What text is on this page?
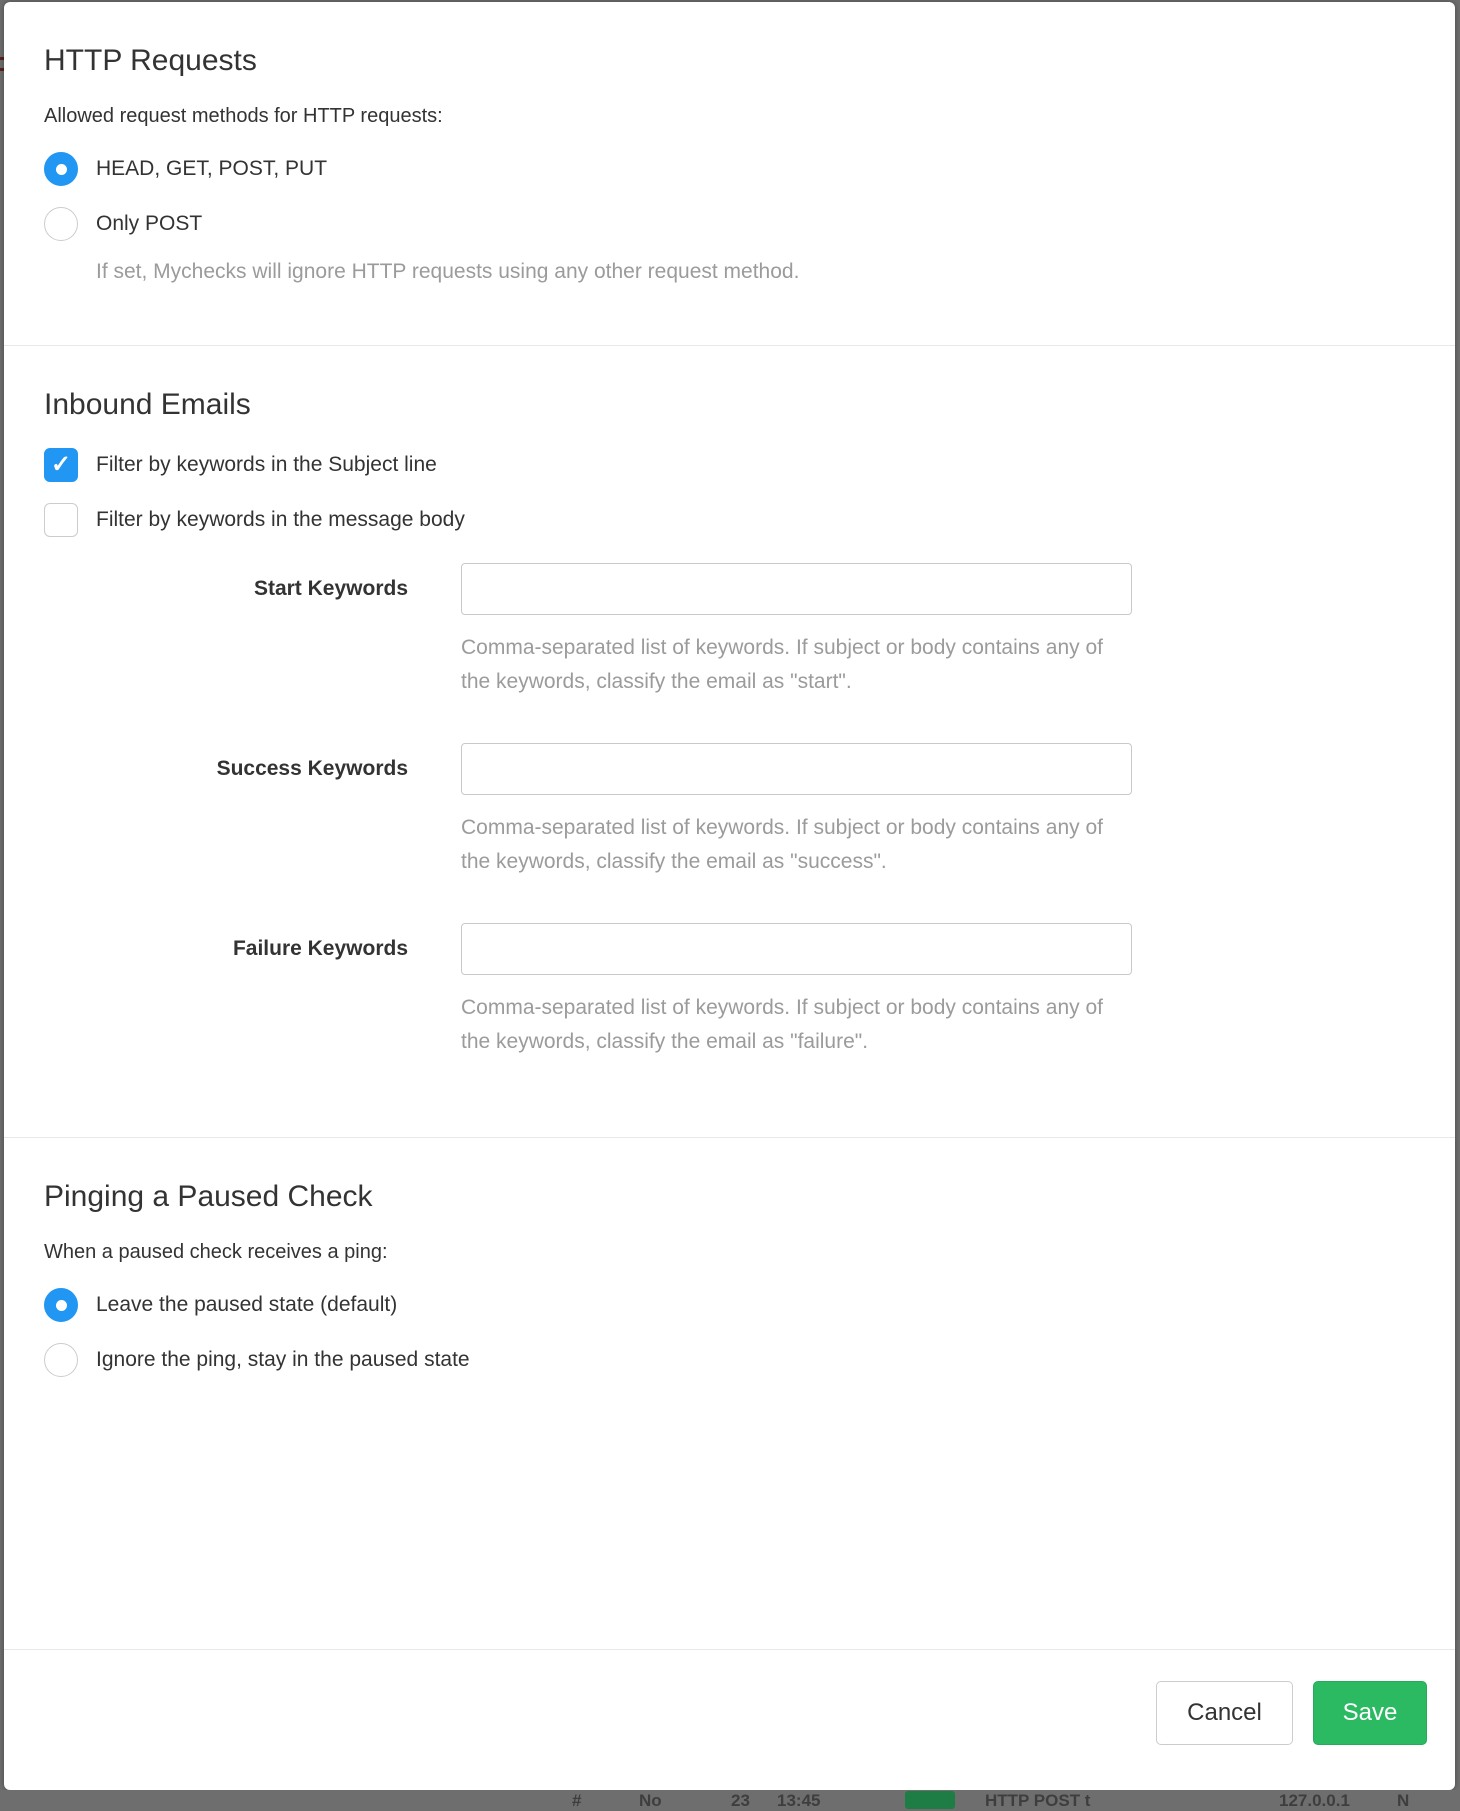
HTTP Requests

Allowed request methods for HTTP requests:

HEAD, GET, POST, PUT
Only POST

If set, Mychecks will ignore HTTP requests using any other request method.

Inbound Emails
✓ Filter by keywords in the Subject line
Filter by keywords in the message body
Start Keywords
Comma-separated list of keywords. If subject or body contains any of the keywords, classify the email as "start".
Success Keywords
Comma-separated list of keywords. If subject or body contains any of the keywords, classify the email as "success".
Failure Keywords
Comma-separated list of keywords. If subject or body contains any of the keywords, classify the email as "failure".
Pinging a Paused Check

When a paused check receives a ping:

Leave the paused state (default)
Ignore the ping, stay in the paused state
Cancel	Save
#	No	23 13:45	HTTP POST t	127.0.0.1	N
